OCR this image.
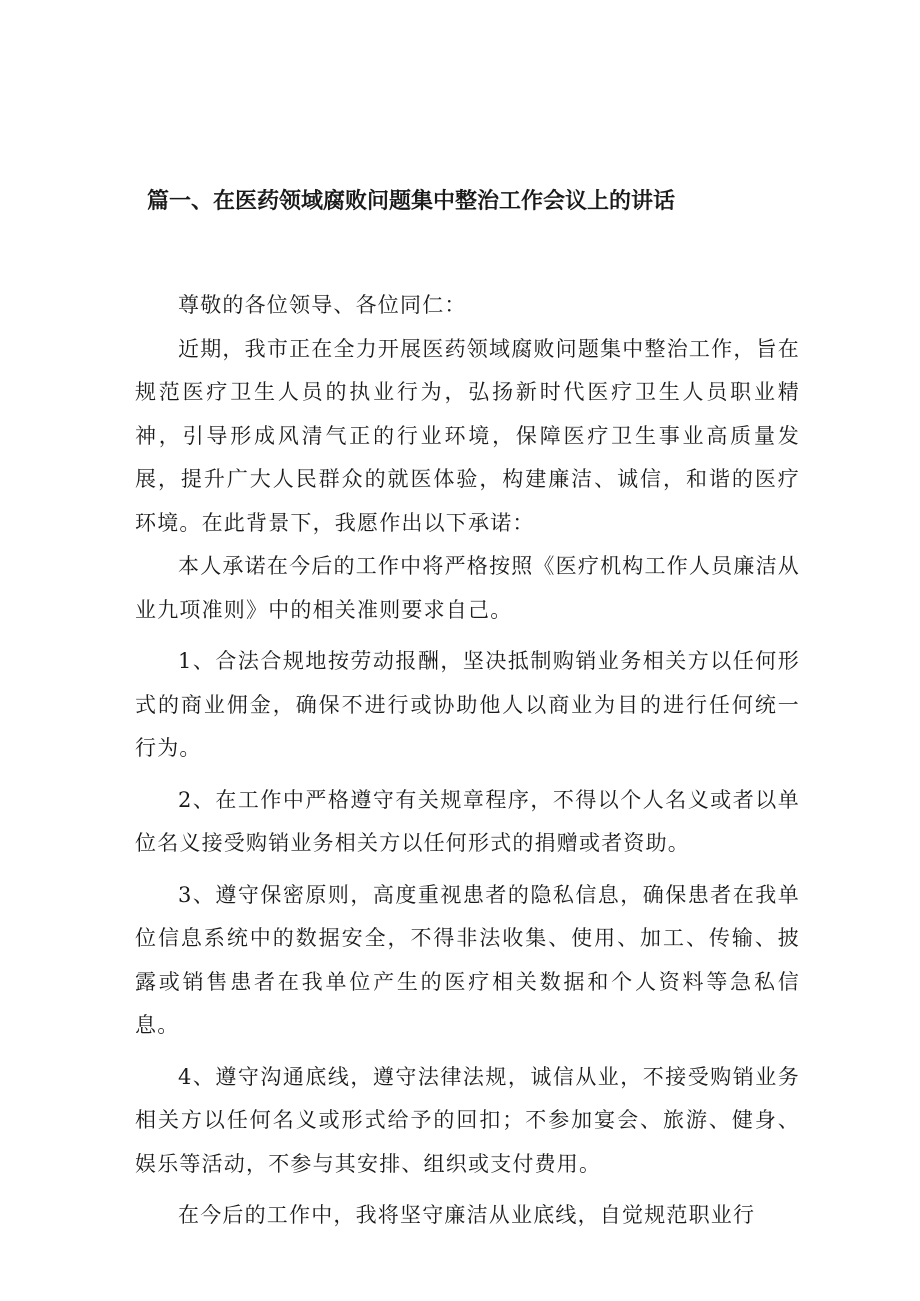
篇一、在医药领域腐败问题集中整治工作会议上的讲话

尊敬的各位领导、各位同仁：

近期，我市正在全力开展医药领域腐败问题集中整治工作，旨在规范医疗卫生人员的执业行为，弘扬新时代医疗卫生人员职业精神，引导形成风清气正的行业环境，保障医疗卫生事业高质量发展，提升广大人民群众的就医体验，构建廉洁、诚信，和谐的医疗环境。在此背景下，我愿作出以下承诺：

本人承诺在今后的工作中将严格按照《医疗机构工作人员廉洁从业九项准则》中的相关准则要求自己。

1、合法合规地按劳动报酬，坚决抵制购销业务相关方以任何形式的商业佣金，确保不进行或协助他人以商业为目的进行任何统一行为。

2、在工作中严格遵守有关规章程序，不得以个人名义或者以单位名义接受购销业务相关方以任何形式的捐赠或者资助。

3、遵守保密原则，高度重视患者的隐私信息，确保患者在我单位信息系统中的数据安全，不得非法收集、使用、加工、传输、披露或销售患者在我单位产生的医疗相关数据和个人资料等急私信息。

4、遵守沟通底线，遵守法律法规，诚信从业，不接受购销业务相关方以任何名义或形式给予的回扣；不参加宴会、旅游、健身、娱乐等活动，不参与其安排、组织或支付费用。

在今后的工作中，我将坚守廉洁从业底线，自觉规范职业行
